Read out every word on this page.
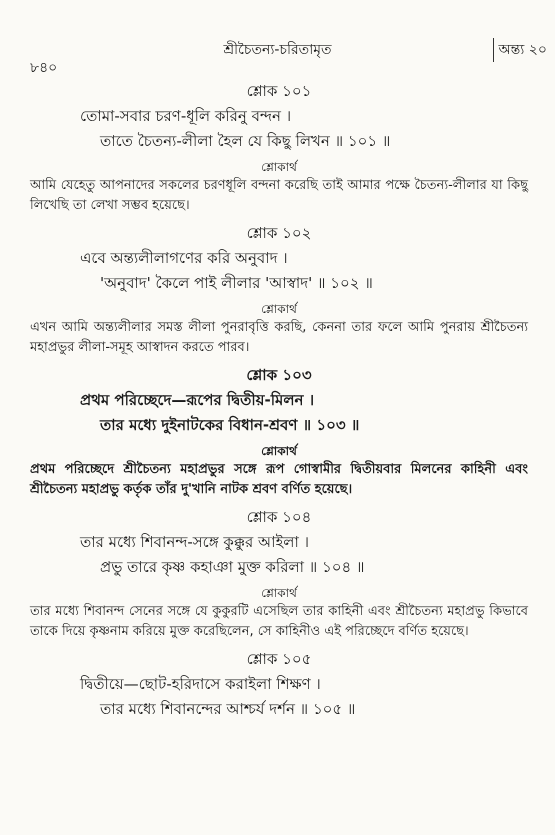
৮৪০
শ্রীচৈতন্য-চরিতামৃত	অন্ত্য ২০
শ্লোক ১০১
তোমা-সবার চরণ-ধূলি করিনু বন্দন ।
তাতে চৈতন্য-লীলা হৈল যে কিছু লিখন ॥ ১০১ ॥
শ্লোকার্থ

আমি যেহেতু আপনাদের সকলের চরণধূলি বন্দনা করেছি তাই আমার পক্ষে চৈতন্য-লীলার যা কিছু লিখেছি তা লেখা সম্ভব হয়েছে।

শ্লোক ১০২
এবে অন্ত্যলীলাগণের করি অনুবাদ ।
'অনুবাদ' কৈলে পাই লীলার 'আস্বাদ' ॥ ১০২ ॥
শ্লোকার্থ

এখন আমি অন্ত্যলীলার সমস্ত লীলা পুনরাবৃত্তি করছি, কেননা তার ফলে আমি পুনরায় শ্রীচৈতন্য মহাপ্রভুর লীলা-সমূহ আস্বাদন করতে পারব।

শ্লোক ১০৩
প্রথম পরিচ্ছেদে—রূপের দ্বিতীয়-মিলন ।
তার মধ্যে দুইনাটকের বিধান-শ্রবণ ॥ ১০৩ ॥
শ্লোকার্থ

প্রথম পরিচ্ছেদে শ্রীচৈতন্য মহাপ্রভুর সঙ্গে রূপ গোস্বামীর দ্বিতীয়বার মিলনের কাহিনী এবং শ্রীচৈতন্য মহাপ্রভু কর্তৃক তাঁর দু'খানি নাটক শ্রবণ বর্ণিত হয়েছে।

শ্লোক ১০৪
তার মধ্যে শিবানন্দ-সঙ্গে কুক্কুর আইলা ।
প্রভু তারে কৃষ্ণ কহাঞা মুক্ত করিলা ॥ ১০৪ ॥
শ্লোকার্থ

তার মধ্যে শিবানন্দ সেনের সঙ্গে যে কুকুরটি এসেছিল তার কাহিনী এবং শ্রীচৈতন্য মহাপ্রভু কিভাবে তাকে দিয়ে কৃষ্ণনাম করিয়ে মুক্ত করেছিলেন, সে কাহিনীও এই পরিচ্ছেদে বর্ণিত হয়েছে।

শ্লোক ১০৫
দ্বিতীয়ে—ছোট-হরিদাসে করাইলা শিক্ষণ ।
তার মধ্যে শিবানন্দের আশ্চর্য দর্শন ॥ ১০৫ ॥
